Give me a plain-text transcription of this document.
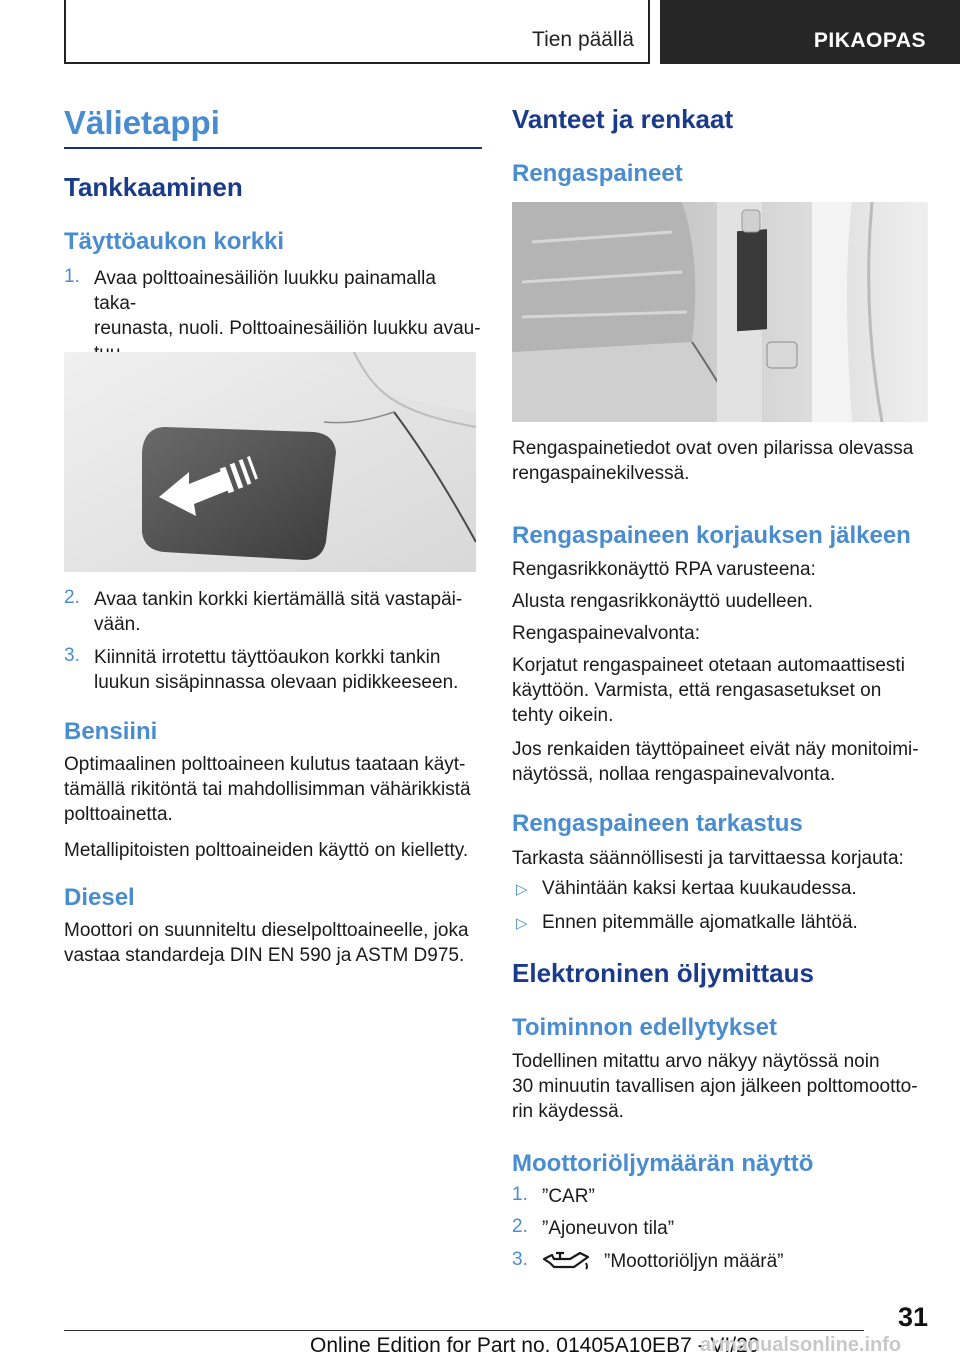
Tien päällä	PIKAOPAS
Välietappi
Tankkaaminen
Täyttöaukon korkki
1. Avaa polttoainesäiliön luukku painamalla taka-
reunasta, nuoli. Polttoainesäiliön luukku avau-

2. Avaa tankin korkki kiertämällä sitä vastapäi-
vään.
3. Kiinnitä irrotettu täyttöaukon korkki tankin
luukun sisäpinnassa olevaan pidikkeeseen.
Bensiini
Optimaalinen polttoaineen kulutus taataan käyt-
tämällä rikitöntä tai mahdollisimman vähärikkistä
polttoainetta.
Metallipitoisten polttoaineiden käyttö on kielletty.
Diesel
Moottori on suunniteltu dieselpolttoaineelle, joka
vastaa standardeja DIN EN 590 ja ASTM D975.
Vanteet ja renkaat
Rengaspaineet
Rengaspainetiedot ovat oven pilarissa olevassa
rengaspainekilvessä.
Rengaspaineen korjauksen jälkeen
Rengasrikkonäyttö RPA varusteena:
Alusta rengasrikkonäyttö uudelleen.
Rengaspainevalvonta:
Korjatut rengaspaineet otetaan automaattisesti
käyttöön. Varmista, että rengasasetukset on
tehty oikein.
Jos renkaiden täyttöpaineet eivät näy monitoimi-
näytössä, nollaa rengaspainevalvonta.
Rengaspaineen tarkastus
Tarkasta säännöllisesti ja tarvittaessa korjauta:
▷ Vähintään kaksi kertaa kuukaudessa.
▷ Ennen pitemmälle ajomatkalle lähtöä.
Elektroninen öljymittaus
Toiminnon edellytykset
Todellinen mitattu arvo näkyy näytössä noin
30 minuutin tavallisen ajon jälkeen polttomootto-
rin käydessä.
Moottoriöljymäärän näyttö
1. ”CAR”
2. ”Ajoneuvon tila”
3.	”Moottoriöljyn määrä”
31
Online Edition for Part no. 01405A10EB7 - VI/20
armanualsonline.info
